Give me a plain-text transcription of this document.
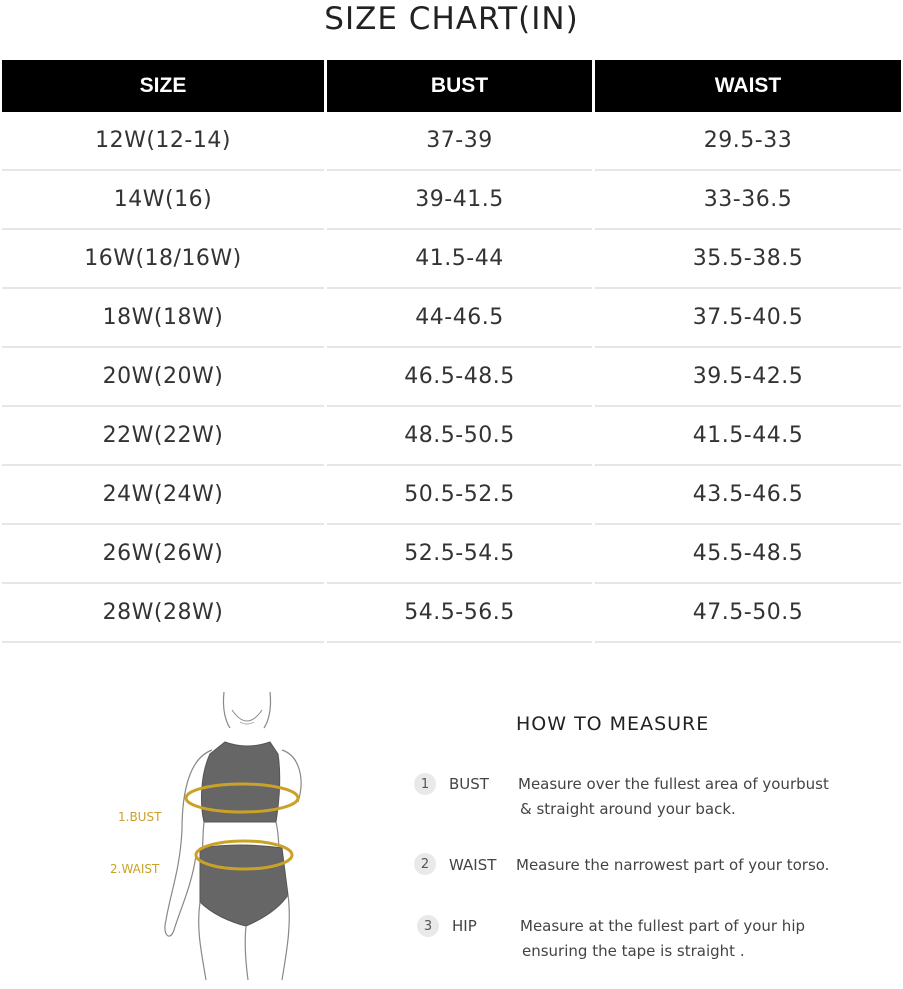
SIZE CHART(IN)
SIZE	BUST	WAIST
12W(12-14)	37-39	29.5-33
14W(16)	39-41.5	33-36.5
16W(18/16W)	41.5-44	35.5-38.5
18W(18W)	44-46.5	37.5-40.5
20W(20W)	46.5-48.5	39.5-42.5
22W(22W)	48.5-50.5	41.5-44.5
24W(24W)	50.5-52.5	43.5-46.5
26W(26W)	52.5-54.5	45.5-48.5
28W(28W)	54.5-56.5	47.5-50.5
1.BUST
2.WAIST
HOW TO MEASURE
1	BUST Measure over the fullest area of yourbust
& straight around your back.
2	WAIST Measure the narrowest part of your torso.
3	HIP	Measure at the fullest part of your hip
ensuring the tape is straight .
